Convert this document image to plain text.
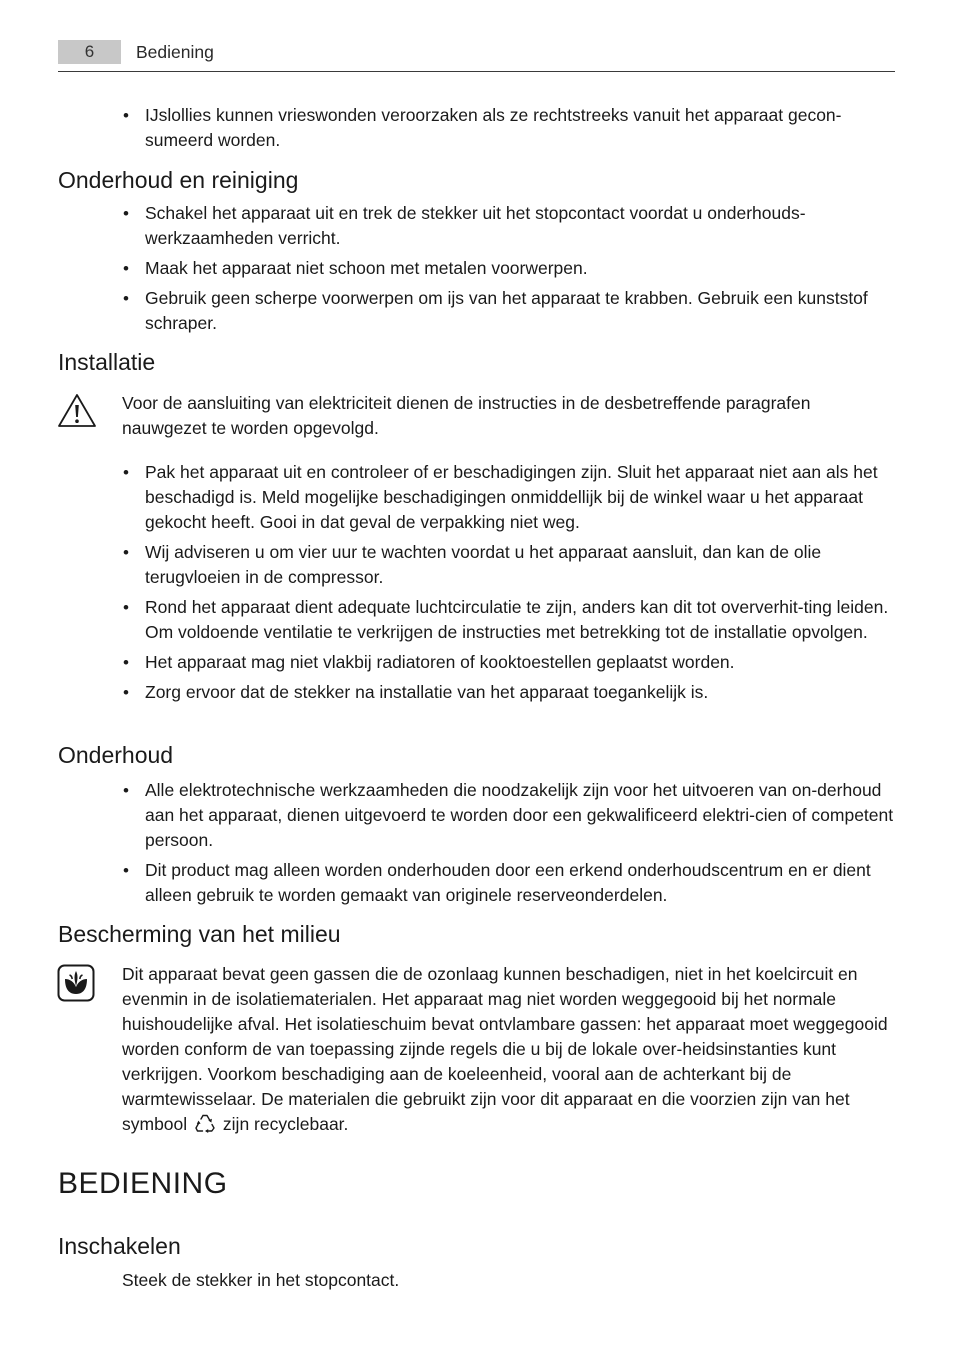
6	Bediening
• IJslollies kunnen vrieswonden veroorzaken als ze rechtstreeks vanuit het apparaat gecon-sumeerd worden.
Onderhoud en reiniging
• Schakel het apparaat uit en trek de stekker uit het stopcontact voordat u onderhouds-werkzaamheden verricht.
• Maak het apparaat niet schoon met metalen voorwerpen.
• Gebruik geen scherpe voorwerpen om ijs van het apparaat te krabben. Gebruik een kunststof schraper.
Installatie

Voor de aansluiting van elektriciteit dienen de instructies in de desbetreffende paragrafen nauwgezet te worden opgevolgd.

• Pak het apparaat uit en controleer of er beschadigingen zijn. Sluit het apparaat niet aan als het beschadigd is. Meld mogelijke beschadigingen onmiddellijk bij de winkel waar u het apparaat gekocht heeft. Gooi in dat geval de verpakking niet weg.
• Wij adviseren u om vier uur te wachten voordat u het apparaat aansluit, dan kan de olie terugvloeien in de compressor.
• Rond het apparaat dient adequate luchtcirculatie te zijn, anders kan dit tot oververhit-ting leiden. Om voldoende ventilatie te verkrijgen de instructies met betrekking tot de installatie opvolgen.
• Het apparaat mag niet vlakbij radiatoren of kooktoestellen geplaatst worden.
• Zorg ervoor dat de stekker na installatie van het apparaat toegankelijk is.
Onderhoud
• Alle elektrotechnische werkzaamheden die noodzakelijk zijn voor het uitvoeren van on-derhoud aan het apparaat, dienen uitgevoerd te worden door een gekwalificeerd elektri-cien of competent persoon.
• Dit product mag alleen worden onderhouden door een erkend onderhoudscentrum en er dient alleen gebruik te worden gemaakt van originele reserveonderdelen.
Bescherming van het milieu

Dit apparaat bevat geen gassen die de ozonlaag kunnen beschadigen, niet in het koelcircuit en evenmin in de isolatiematerialen. Het apparaat mag niet worden weggegooid bij het normale huishoudelijke afval. Het isolatieschuim bevat ontvlambare gassen: het apparaat moet weggegooid worden conform de van toepassing zijnde regels die u bij de lokale over-heidsinstanties kunt verkrijgen. Voorkom beschadiging aan de koeleenheid, vooral aan de achterkant bij de warmtewisselaar. De materialen die gebruikt zijn voor dit apparaat en die voorzien zijn van het symbool zijn recyclebaar.

BEDIENING
Inschakelen

Steek de stekker in het stopcontact.
